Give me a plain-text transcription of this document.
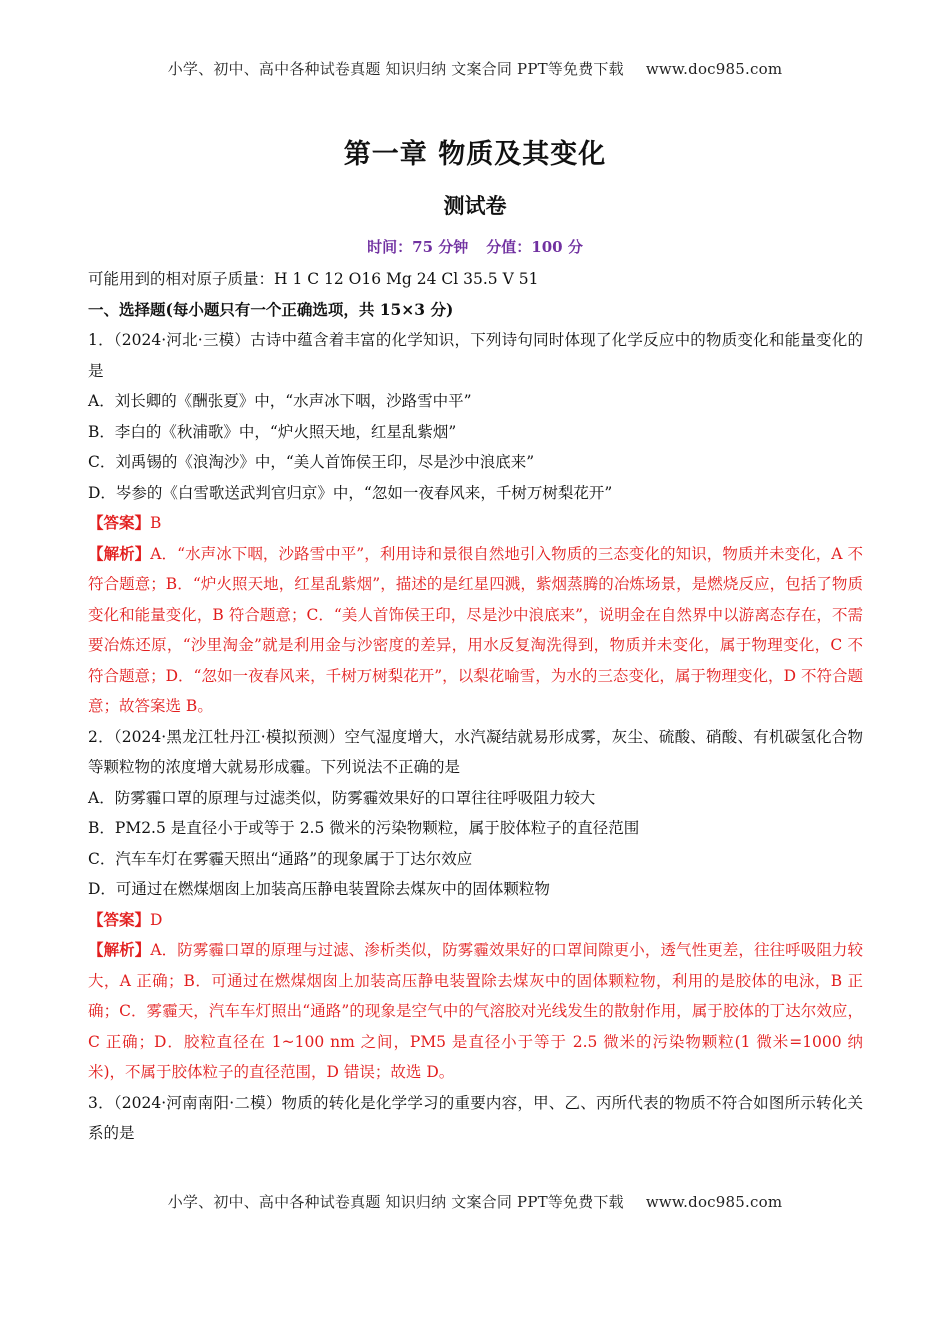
小学、初中、高中各种试卷真题 知识归纳 文案合同 PPT等免费下载 www.doc985.com
第一章 物质及其变化
测试卷
时间：75 分钟 分值：100 分

可能用到的相对原子质量：H 1 C 12 O16 Mg 24 Cl 35.5 V 51

一、选择题(每小题只有一个正确选项，共 15×3 分)

1．（2024·河北·三模）古诗中蕴含着丰富的化学知识，下列诗句同时体现了化学反应中的物质变化和能量变化的是

A．刘长卿的《酬张夏》中，“水声冰下咽，沙路雪中平”

B．李白的《秋浦歌》中，“炉火照天地，红星乱紫烟”

C．刘禹锡的《浪淘沙》中，“美人首饰侯王印，尽是沙中浪底来”

D．岑参的《白雪歌送武判官归京》中，“忽如一夜春风来，千树万树梨花开”

【答案】B

【解析】A．“水声冰下咽，沙路雪中平”，利用诗和景很自然地引入物质的三态变化的知识，物质并未变化，A 不符合题意；B．“炉火照天地，红星乱紫烟”，描述的是红星四溅，紫烟蒸腾的冶炼场景，是燃烧反应，包括了物质变化和能量变化，B 符合题意；C．“美人首饰侯王印，尽是沙中浪底来”，说明金在自然界中以游离态存在，不需要冶炼还原，“沙里淘金”就是利用金与沙密度的差异，用水反复淘洗得到，物质并未变化，属于物理变化，C 不符合题意；D．“忽如一夜春风来，千树万树梨花开”，以梨花喻雪，为水的三态变化，属于物理变化，D 不符合题意；故答案选 B。

2．（2024·黑龙江牡丹江·模拟预测）空气湿度增大，水汽凝结就易形成雾，灰尘、硫酸、硝酸、有机碳氢化合物等颗粒物的浓度增大就易形成霾。下列说法不正确的是

A．防雾霾口罩的原理与过滤类似，防雾霾效果好的口罩往往呼吸阻力较大

B．PM2.5 是直径小于或等于 2.5 微米的污染物颗粒，属于胶体粒子的直径范围

C．汽车车灯在雾霾天照出“通路”的现象属于丁达尔效应

D．可通过在燃煤烟囱上加装高压静电装置除去煤灰中的固体颗粒物

【答案】D

【解析】A．防雾霾口罩的原理与过滤、渗析类似，防雾霾效果好的口罩间隙更小，透气性更差，往往呼吸阻力较大，A 正确；B．可通过在燃煤烟囱上加装高压静电装置除去煤灰中的固体颗粒物，利用的是胶体的电泳，B 正确；C．雾霾天，汽车车灯照出“通路”的现象是空气中的气溶胶对光线发生的散射作用，属于胶体的丁达尔效应，C 正确；D．胶粒直径在 1~100 nm 之间，PM5 是直径小于等于 2.5 微米的污染物颗粒(1 微米=1000 纳米)，不属于胶体粒子的直径范围，D 错误；故选 D。

3．（2024·河南南阳·二模）物质的转化是化学学习的重要内容，甲、乙、丙所代表的物质不符合如图所示转化关系的是

小学、初中、高中各种试卷真题 知识归纳 文案合同 PPT等免费下载 www.doc985.com
